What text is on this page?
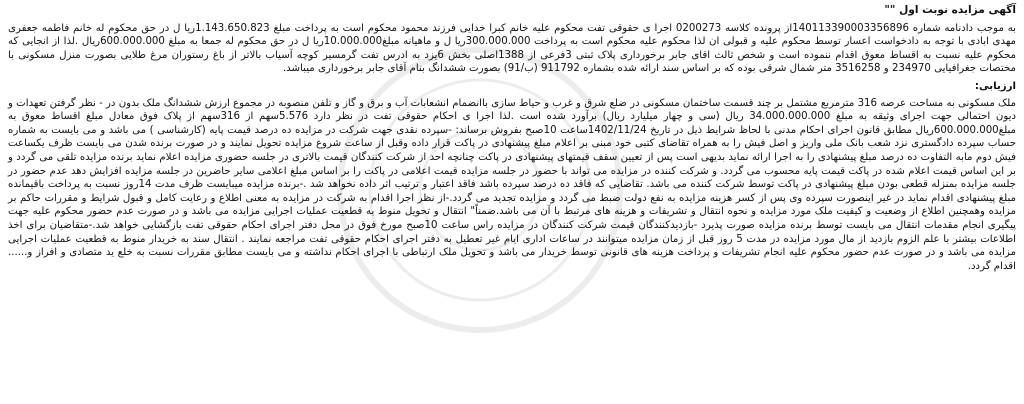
آگهی مزایده نوبت اول ""

به موجب دادنامه شماره 140113390003356896از پرونده کلاسه 0200273 اجرا ی حقوقی تفت محکوم علیه خانم کبرا خدایی فرزند محمود محکوم است به پرداخت مبلغ 1.143.650.823ریا ل در حق محکوم له خانم فاطمه جعفری مهدی ابادی با توجه به دادخواست اعسار توسط محکوم علیه و قبولی ان لذا محکوم علیه محکوم است به پرداخت 300.000.000ریا ل و ماهیانه مبلغ10.000.000ریا ل در حق محکوم له جمعا به مبلغ 600.000.000ریال .لذا از انجایی که محکوم علیه نسبت به اقساط معوق اقدام ننموده است و شخص ثالث اقای جابر برخورداری پلاک ثبتی 3فرعی از 1388اصلی بخش 6یزد به ادرس تفت گرمسیر کوچه آسیاب بالاتر از باغ رستوران مرغ طلایی بصورت منزل مسکونی با مختصات جغرافیایی 234970 و 3516258 متر شمال شرقی بوده که بر اساس سند ارائه شده بشماره 911792 (ب/91) بصورت ششدانگ بنام آقای جابر برخورداری میباشد.

ارزیابی:

ملک مسکونی به مساحت عرصه 316 مترمربع مشتمل بر چند قسمت ساختمان مسکونی در ضلع شرق و غرب و حیاط سازی باانضمام انشعابات آب و برق و گاز و تلفن منصوبه در مجموع ارزش ششدانگ ملک بدون در - نظر گرفتن تعهدات و دیون احتمالی جهت اجرای وثیقه به مبلغ 34.000.000.000 ریال (سی و چهار میلیارد ریال) برآورد شده است .لذا اجرا ی احکام حقوقی تفت در نظر دارد 5.576سهم از 316سهم از پلاک فوق معادل مبلغ اقساط معوق به مبلغ600.000.000ریال مطابق قانون اجرای احکام مدنی با لحاظ شرایط ذیل در تاریخ 1402/11/24ساعت 10صبح بفروش برساند: -سپرده نقدی جهت شرکت در مزایده ده درصد قیمت پایه (کارشناسی ) می باشد و می بایست به شماره حساب سپرده دادگستری نزد شعب بانک ملی واریز و اصل فیش را به همراه تقاضای کتبی خود مبنی بر اعلام مبلغ پیشنهادی در پاکت قرار داده وقبل از ساعت شروع مزایده تحویل نمایند و در صورت برنده شدن می بایست ظرف یکساعت فیش دوم مابه التفاوت ده درصد مبلغ پیشنهادی را به اجرا ارائه نماید بدیهی است پس از تعیین سقف قیمتهای پیشنهادی در پاکت چنانچه احد از شرکت کنندگان قیمت بالاتری در جلسه حضوری مزایده اعلام نماید برنده مزایده تلقی می گردد و بر این اساس قیمت اعلام شده در پاکت قیمت پایه محسوب می گردد. و شرکت کننده در مزایده می تواند با حضور در جلسه مزایده قیمت اعلامی در پاکت را بر اساس مبلغ اعلامی سایر حاضرین در جلسه مزایده افزایش دهد عدم حضور در جلسه مزایده بمنزله قطعی بودن مبلغ پیشنهادی در پاکت توسط شرکت کننده می باشد. تقاضایی که فاقد ده درصد سپرده باشد فاقد اعتبار و ترتیب اثر داده نخواهد شد .-برنده مزایده میبایست ظرف مدت 14روز نسبت به پرداخت باقیمانده مبلغ پیشنهادی اقدام نماید در غیر اینصورت سپرده وی پس از کسر هزینه مزایده به نفع دولت ضبط می گردد و مزایده تجدید می گردد.-از نظر اجرا اقدام به شرکت در مزایده به معنی اطلاع و رعایت کامل و قبول شرایط و مقررات حاکم بر مزایده وهمچنین اطلاع از وضعیت و کیفیت ملک مورد مزایده و نحوه انتقال و تشریفات و هزینه های مرتبط با آن می باشد.ضمناً" انتقال و تحویل منوط به قطعیت عملیات اجرایی مزایده می باشد و در صورت عدم حضور محکوم علیه جهت پیگیری انجام مقدمات انتقال می بایست توسط برنده مزایده صورت پذیرد -بازدیدکنندگان قیمت شرکت کنندگان در مزایده راس ساعت 10صبح مورخ فوق در محل دفتر اجرای احکام حقوقی تفت بازگشایی خواهد شد.-متقاضیان برای اخذ اطلاعات بیشتر با علم الزوم بازدید از مال مورد مزایده در مدت 5 روز قبل از زمان مزایده میتوانند در ساعات اداری ایام غیر تعطیل به دفتر اجرای احکام حقوقی تفت مراجعه نمایند . انتقال سند به خریدار منوط به قطعیت عملیات اجرایی مزایده می باشد و در صورت عدم حضور محکوم علیه انجام تشریفات و پرداخت هزینه های قانونی توسط خریدار می باشد و تحویل ملک ارتباطی با اجرای احکام نداشته و می بایست مطابق مقررات نسبت به خلع ید متصادی و افراز و...... اقدام گردد.
